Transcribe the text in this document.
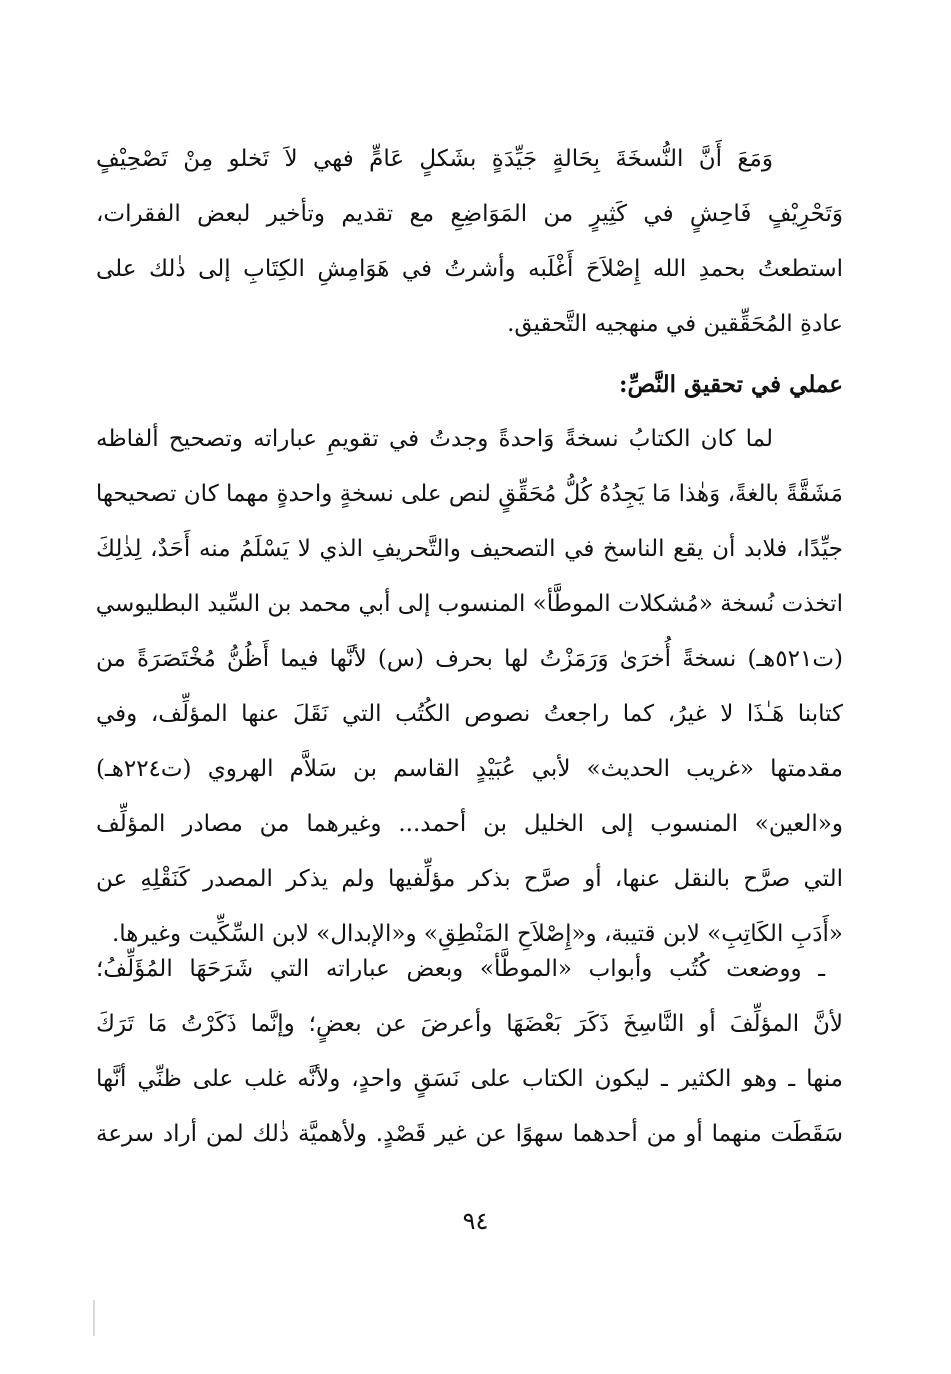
وَمَعَ أَنَّ النُّسخَةَ بِحَالةٍ جَيِّدَةٍ بشَكلٍ عَامٍّ فهي لاَ تَخلو مِنْ تَصْحِيْفٍ
وَتَحْرِيْفٍ فَاحِشٍ في كَثِيرٍ من المَوَاضِعِ مع تقديم وتأخير لبعض الفقرات،
استطعتُ بحمدِ الله إِصْلاَحَ أَغْلَبه وأشرتُ في هَوَامِشِ الكِتَابِ إلى ذٰلك على
عادةِ المُحَقِّقين في منهجيه التَّحقيق.
عملي في تحقيق النَّصِّ:
لما كان الكتابُ نسخةً وَاحدةً وجدتُ في تقويمِ عباراته وتصحيح ألفاظه
مَشَقَّةً بالغةً، وَهٰذا مَا يَجِدُهُ كُلُّ مُحَقِّقٍ لنص على نسخةٍ واحدةٍ مهما كان تصحيحها
جيِّدًا، فلابد أن يقع الناسخ في التصحيف والتَّحريفِ الذي لا يَسْلَمُ منه أَحَدٌ، لِذٰلِكَ
اتخذت نُسخة «مُشكلات الموطَّأ» المنسوب إلى أبي محمد بن السِّيد البطليوسي
(ت٥٢١هـ) نسخةً أُخرَىٰ وَرَمَزْتُ لها بحرف (س) لأنَّها فيما أَظُنُّ مُخْتَصَرَةً من
كتابنا هَـٰذَا لا غيرُ، كما راجعتُ نصوص الكُتُب التي نَقَلَ عنها المؤلِّف، وفي
مقدمتها «غريب الحديث» لأبي عُبَيْدٍ القاسم بن سَلاَّم الهروي (ت٢٢٤هـ)
و«العين» المنسوب إلى الخليل بن أحمد... وغيرهما من مصادر المؤلِّف
التي صرَّح بالنقل عنها، أو صرَّح بذكر مؤلِّفيها ولم يذكر المصدر كَنَقْلِهِ عن
«أَدَبِ الكَاتِبِ» لابن قتيبة، و«إِصْلاَحِ المَنْطِقِ» و«الإبدال» لابن السِّكِّيت وغيرها.
ـ ووضعت كُتُب وأبواب «الموطَّأ» وبعض عباراته التي شَرَحَهَا المُؤَلِّفُ؛
لأنَّ المؤلِّفَ أو النَّاسِخَ ذَكَرَ بَعْضَهَا وأعرضَ عن بعضٍ؛ وإنَّما ذَكَرْتُ مَا تَرَكَ
منها ـ وهو الكثير ـ ليكون الكتاب على نَسَقٍ واحدٍ، ولأنَّه غلب على ظنِّي أنَّها
سَقَطَت منهما أو من أحدهما سهوًا عن غير قَصْدٍ. ولأهميَّة ذٰلك لمن أراد سرعة
٩٤
